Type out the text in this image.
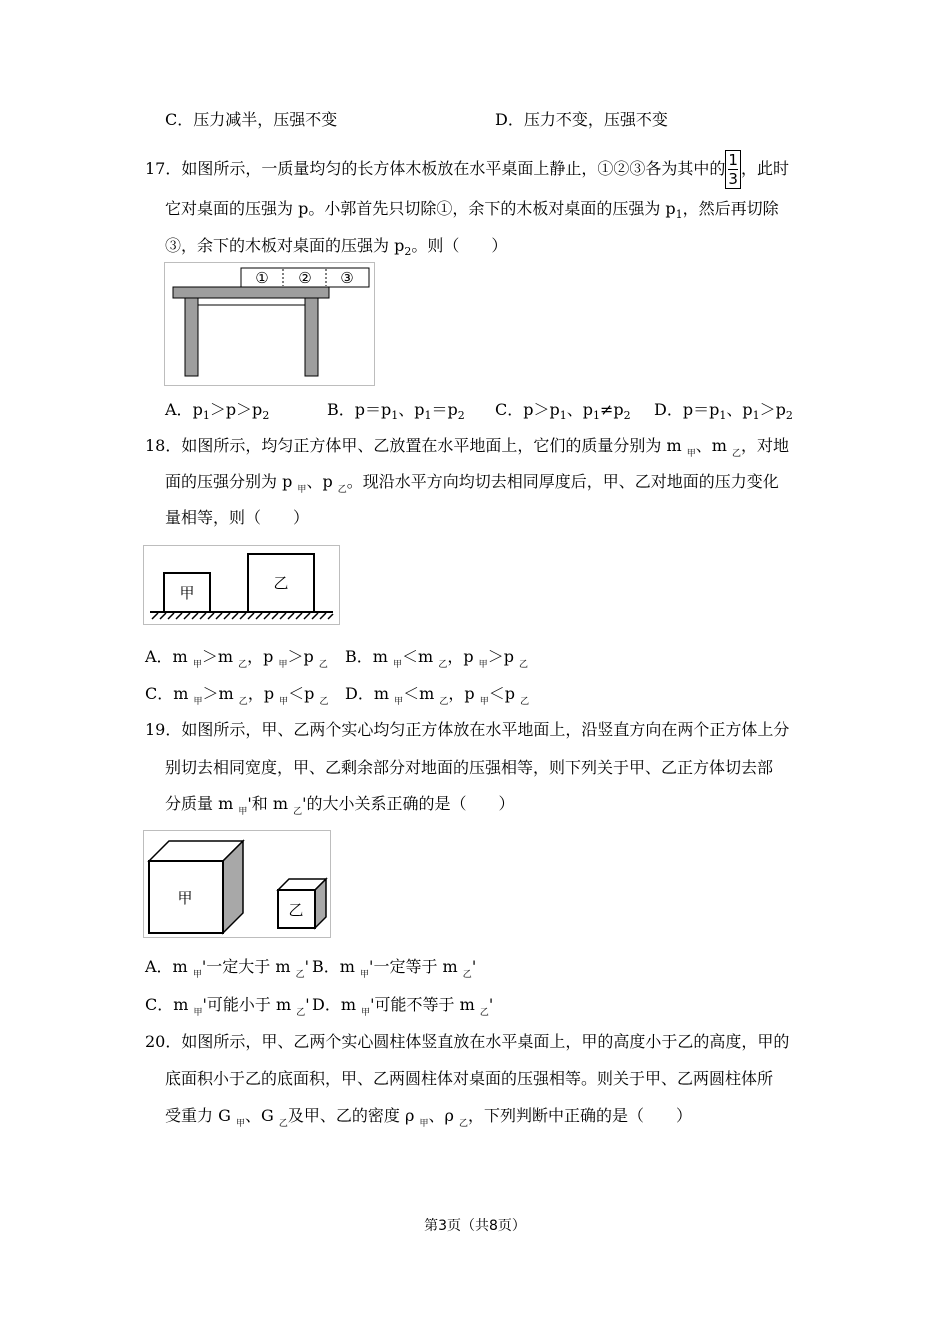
C．压力减半，压强不变	D．压力不变，压强不变
17．如图所示，一质量均匀的长方体木板放在水平桌面上静止，①②③各为其中的 $\frac{1}{3}$ ，此时
它对桌面的压强为 p。小郭首先只切除①，余下的木板对桌面的压强为 $p_1$，然后再切除
③，余下的木板对桌面的压强为 $p_2$。则（　　）
① ② ③
A．$p_1>p>p_2$	B．$p=p_1$、$p_1=p_2$ C．$p>p_1$、$p_1\ne p_2$ D．$p=p_1$、$p_1>p_2$
18．如图所示，均匀正方体甲、乙放置在水平地面上，它们的质量分别为 m $_甲$、m $_乙$，对地
面的压强分别为 p $_甲$、p $_乙$。现沿水平方向均切去相同厚度后，甲、乙对地面的压力变化
量相等，则（　　）
甲
乙
A．m $_甲$＞m $_乙$，p $_甲$＞p $_乙$ B．m $_甲$＜m $_乙$，p $_甲$＞p $_乙$
C．m $_甲$＞m $_乙$，p $_甲$＜p $_乙$ D．m $_甲$＜m $_乙$，p $_甲$＜p $_乙$
19．如图所示，甲、乙两个实心均匀正方体放在水平地面上，沿竖直方向在两个正方体上分
别切去相同宽度，甲、乙剩余部分对地面的压强相等，则下列关于甲、乙正方体切去部
分质量 m $_甲$'和 m $_乙$'的大小关系正确的是（　　）
甲
乙
A．m $_甲$'一定大于 m $_乙$' B．m $_甲$'一定等于 m $_乙$'
C．m $_甲$'可能小于 m $_乙$' D．m $_甲$'可能不等于 m $_乙$'
20．如图所示，甲、乙两个实心圆柱体竖直放在水平桌面上，甲的高度小于乙的高度，甲的
底面积小于乙的底面积，甲、乙两圆柱体对桌面的压强相等。则关于甲、乙两圆柱体所
受重力 G $_甲$、G $_乙$及甲、乙的密度 ρ $_甲$、ρ $_乙$，下列判断中正确的是（　　）
第3页（共8页）
